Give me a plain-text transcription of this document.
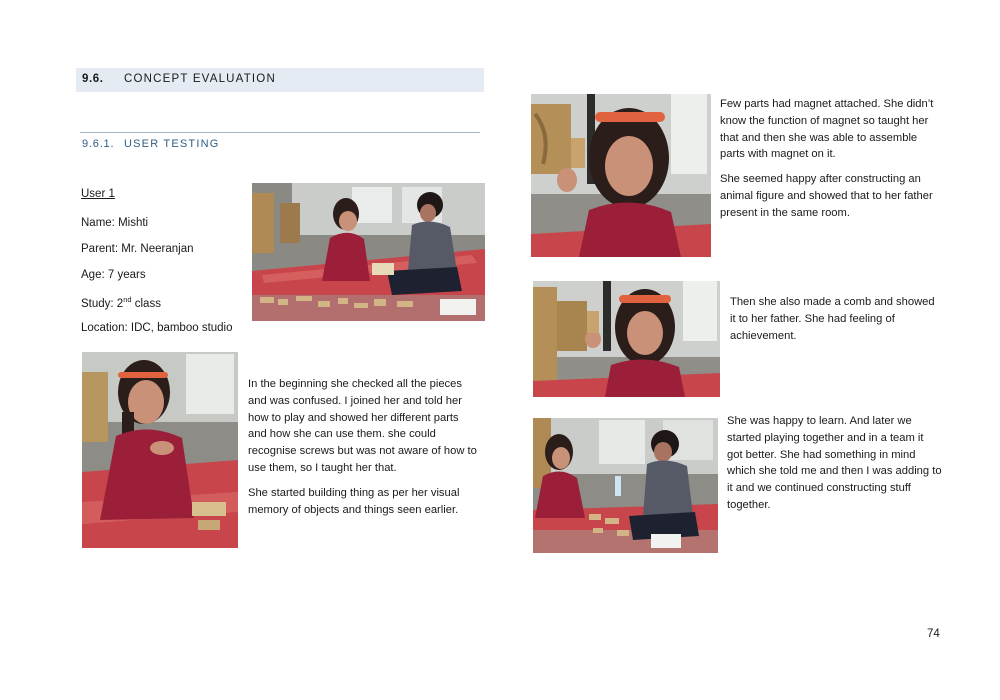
9.6. CONCEPT EVALUATION
9.6.1. USER TESTING
User 1
Name: Mishti
Parent: Mr. Neeranjan
Age: 7 years
Study: 2nd class
Location: IDC, bamboo studio

In the beginning she checked all the pieces and was confused. I joined her and told her how to play and showed her different parts and how she can use them. she could recognise screws but was not aware of how to use them, so I taught her that.

She started building thing as per her visual memory of objects and things seen earlier.

Few parts had magnet attached. She didn’t know the function of magnet so taught her that and then she was able to assemble parts with magnet on it.

She seemed happy after constructing an animal figure and showed that to her father present in the same room.

Then she also made a comb and showed it to her father. She had feeling of achievement.

She was happy to learn. And later we started playing together and in a team it got better. She had something in mind which she told me and then I was adding to it and we continued constructing stuff together.

74
